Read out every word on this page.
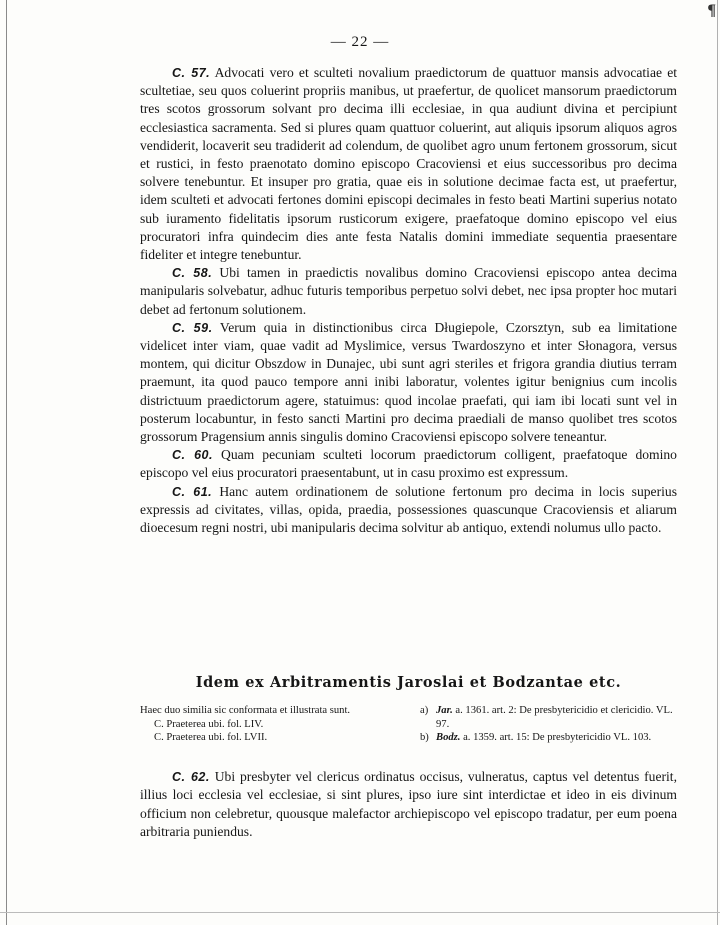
¶
— 22 —

C. 57. Advocati vero et sculteti novalium praedictorum de quattuor mansis advocatiae et scultetiae, seu quos coluerint propriis manibus, ut praefertur, de quolicet mansorum praedictorum tres scotos grossorum solvant pro decima illi ecclesiae, in qua audiunt divina et percipiunt ecclesiastica sacramenta. Sed si plures quam quattuor coluerint, aut aliquis ipsorum aliquos agros vendiderit, locaverit seu tradiderit ad colendum, de quolibet agro unum fertonem grossorum, sicut et rustici, in festo praenotato domino episcopo Cracoviensi et eius successoribus pro decima solvere tenebuntur. Et insuper pro gratia, quae eis in solutione decimae facta est, ut praefertur, idem sculteti et advocati fertones domini episcopi decimales in festo beati Martini superius notato sub iuramento fidelitatis ipsorum rusticorum exigere, praefatoque domino episcopo vel eius procuratori infra quindecim dies ante festa Natalis domini immediate sequentia praesentare fideliter et integre tenebuntur.

C. 58. Ubi tamen in praedictis novalibus domino Cracoviensi episcopo antea decima manipularis solvebatur, adhuc futuris temporibus perpetuo solvi debet, nec ipsa propter hoc mutari debet ad fertonum solutionem.

C. 59. Verum quia in distinctionibus circa Długiepole, Czorsztyn, sub ea limitatione videlicet inter viam, quae vadit ad Myslimice, versus Twardoszyno et inter Słonagora, versus montem, qui dicitur Obszdow in Dunajec, ubi sunt agri steriles et frigora grandia diutius terram praemunt, ita quod pauco tempore anni inibi laboratur, volentes igitur benignius cum incolis districtuum praedictorum agere, statuimus: quod incolae praefati, qui iam ibi locati sunt vel in posterum locabuntur, in festo sancti Martini pro decima praediali de manso quolibet tres scotos grossorum Pragensium annis singulis domino Cracoviensi episcopo solvere teneantur.

C. 60. Quam pecuniam sculteti locorum praedictorum colligent, praefatoque domino episcopo vel eius procuratori praesentabunt, ut in casu proximo est expressum.

C. 61. Hanc autem ordinationem de solutione fertonum pro decima in locis superius expressis ad civitates, villas, opida, praedia, possessiones quascunque Cracoviensis et aliarum dioecesum regni nostri, ubi manipularis decima solvitur ab antiquo, extendi nolumus ullo pacto.

Idem ex Arbitramentis Jaroslai et Bodzantae etc.

Haec duo similia sic conformata et illustrata sunt.

C. Praeterea ubi. fol. LIV.

C. Praeterea ubi. fol. LVII.

a) Jar. a. 1361. art. 2: De presbytericidio et clericidio. VL. 97.
b) Bodz. a. 1359. art. 15: De presbytericidio VL. 103.

C. 62. Ubi presbyter vel clericus ordinatus occisus, vulneratus, captus vel detentus fuerit, illius loci ecclesia vel ecclesiae, si sint plures, ipso iure sint interdictae et ideo in eis divinum officium non celebretur, quousque malefactor archiepiscopo vel episcopo tradatur, per eum poena arbitraria puniendus.
